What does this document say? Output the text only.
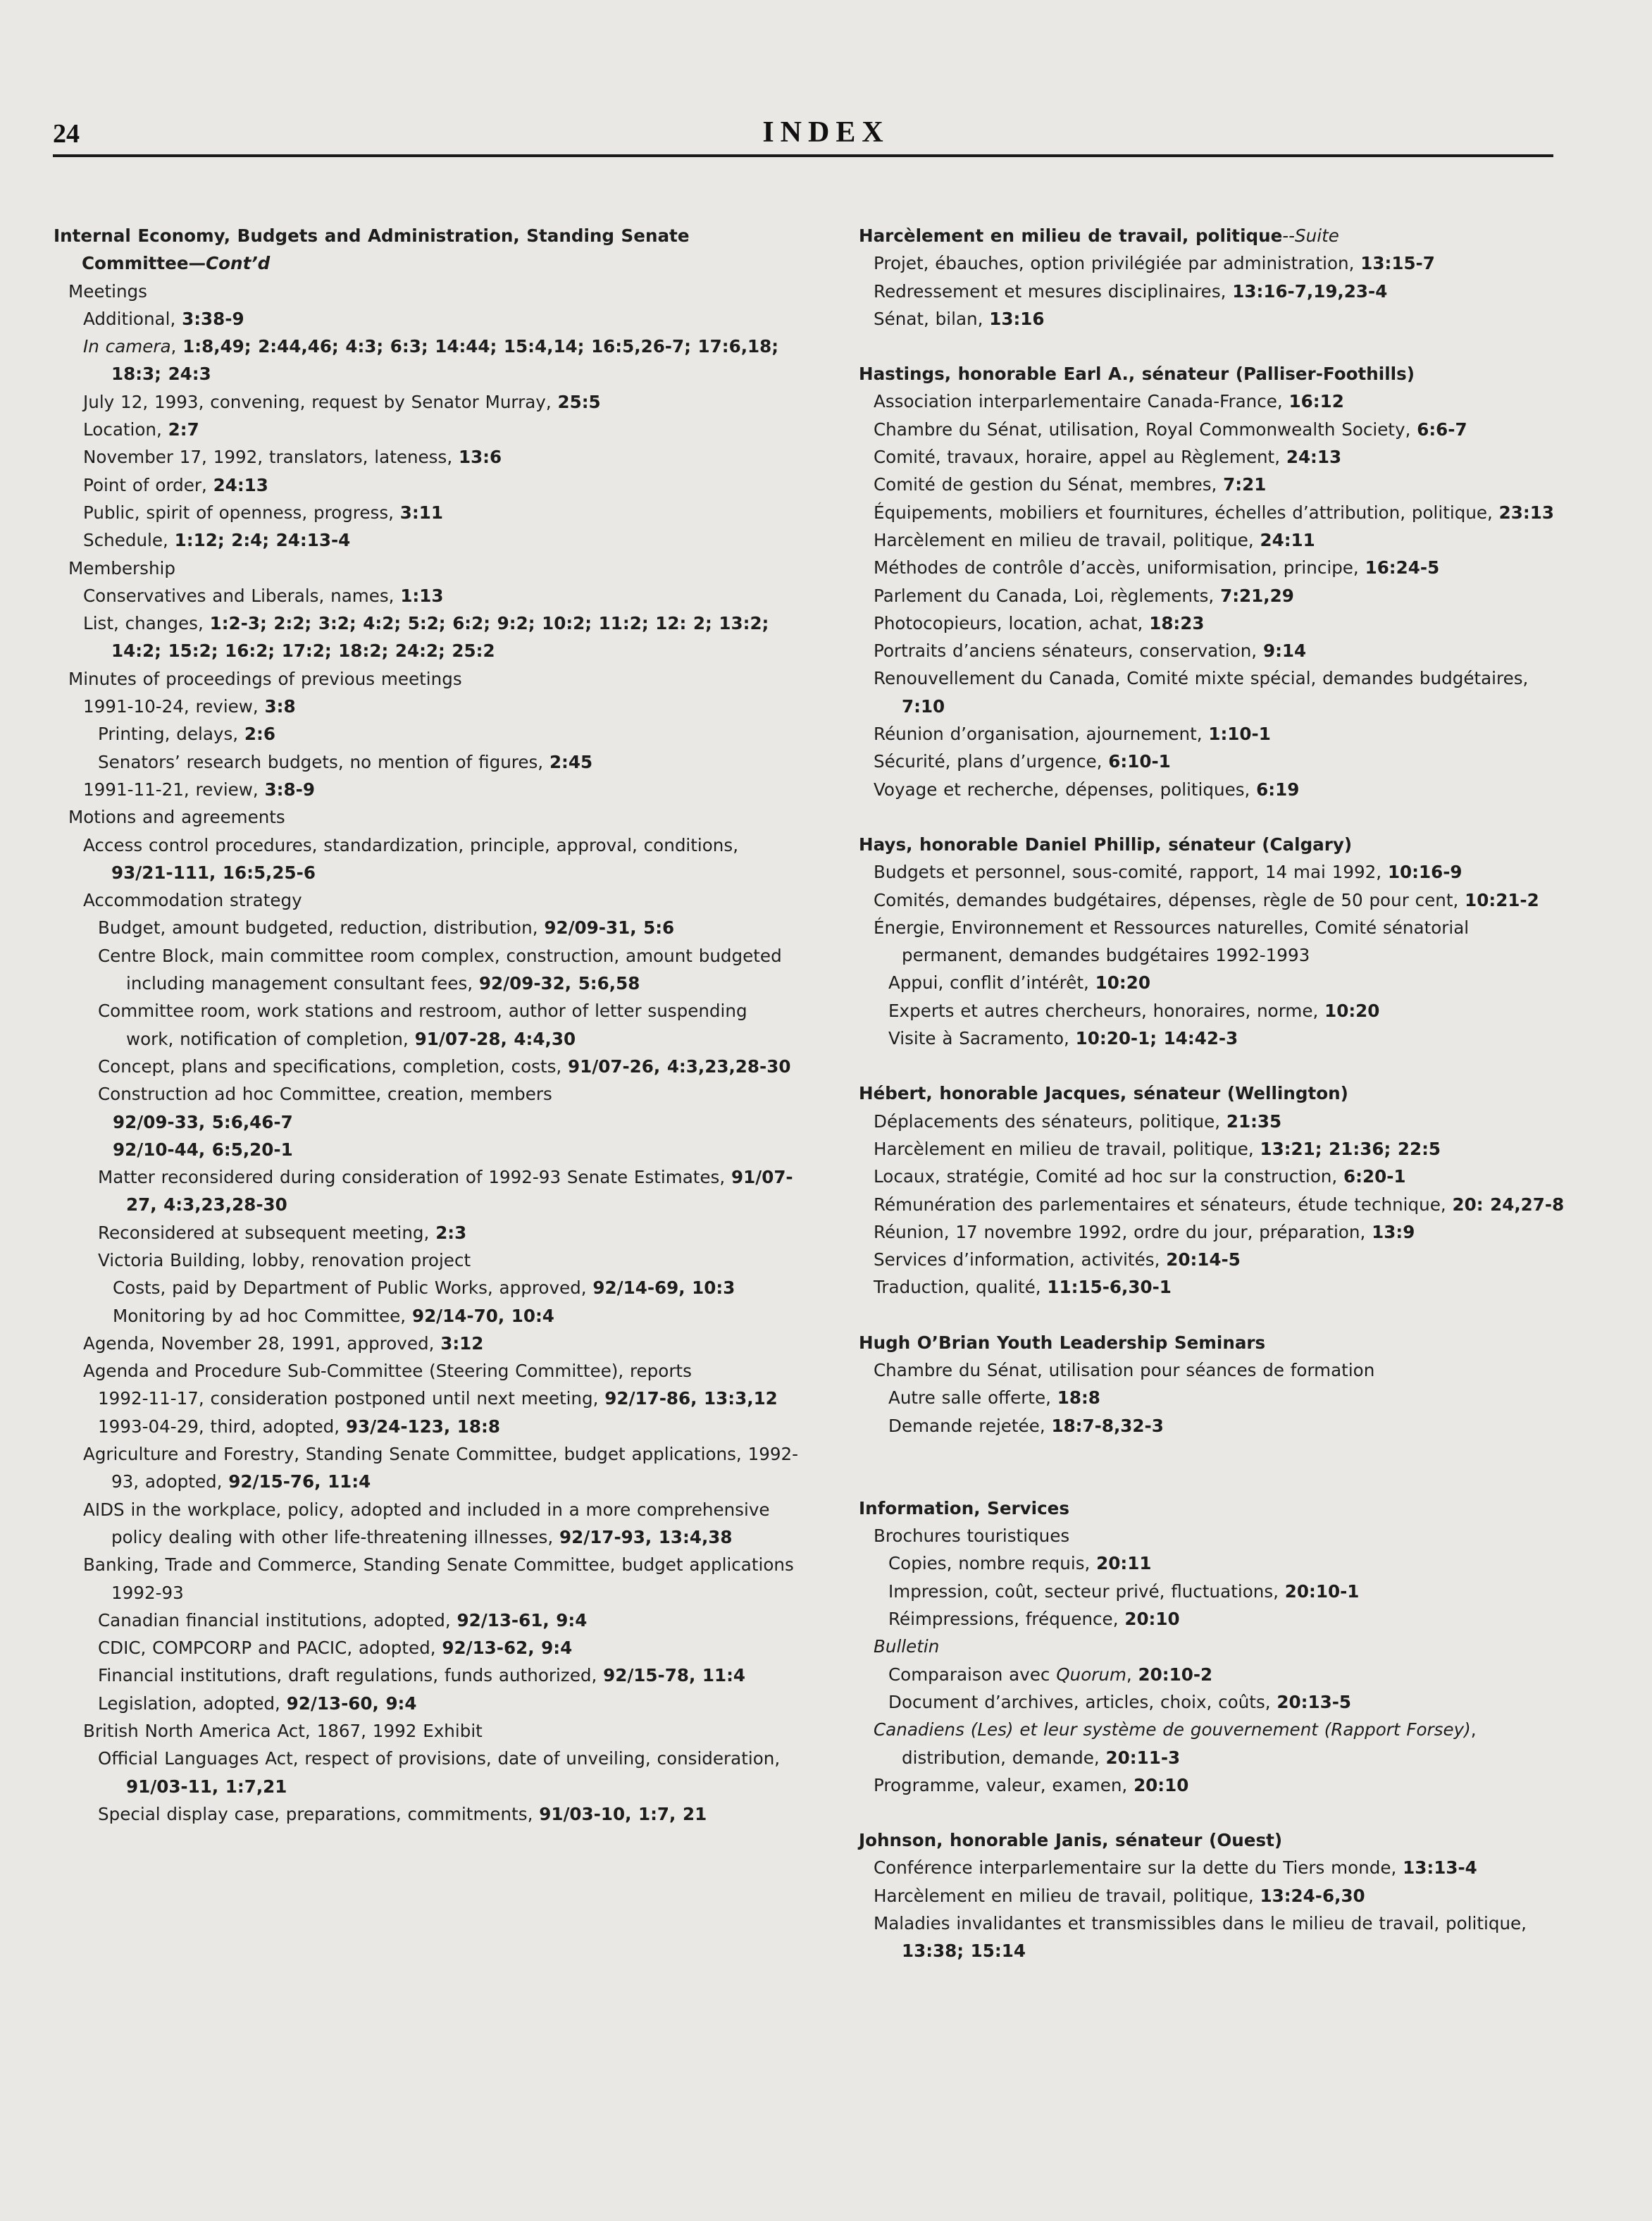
24	INDEX
Internal Economy, Budgets and Administration, Standing Senate Committee—Cont’d
Meetings
Additional, 3:38-9
In camera, 1:8,49; 2:44,46; 4:3; 6:3; 14:44; 15:4,14; 16:5,26-7; 17:6,18; 18:3; 24:3
July 12, 1993, convening, request by Senator Murray, 25:5
Location, 2:7
November 17, 1992, translators, lateness, 13:6
Point of order, 24:13
Public, spirit of openness, progress, 3:11
Schedule, 1:12; 2:4; 24:13-4
Membership
Conservatives and Liberals, names, 1:13
List, changes, 1:2-3; 2:2; 3:2; 4:2; 5:2; 6:2; 9:2; 10:2; 11:2; 12: 2; 13:2; 14:2; 15:2; 16:2; 17:2; 18:2; 24:2; 25:2
Minutes of proceedings of previous meetings
1991-10-24, review, 3:8
Printing, delays, 2:6
Senators’ research budgets, no mention of figures, 2:45
1991-11-21, review, 3:8-9
Motions and agreements
Access control procedures, standardization, principle, approval, conditions, 93/21-111, 16:5,25-6
Accommodation strategy
Budget, amount budgeted, reduction, distribution, 92/09-31, 5:6
Centre Block, main committee room complex, construction, amount budgeted including management consultant fees, 92/09-32, 5:6,58
Committee room, work stations and restroom, author of letter suspending work, notification of completion, 91/07-28, 4:4,30
Concept, plans and specifications, completion, costs, 91/07-26, 4:3,23,28-30
Construction ad hoc Committee, creation, members
92/09-33, 5:6,46-7
92/10-44, 6:5,20-1
Matter reconsidered during consideration of 1992-93 Senate Estimates, 91/07-27, 4:3,23,28-30
Reconsidered at subsequent meeting, 2:3
Victoria Building, lobby, renovation project
Costs, paid by Department of Public Works, approved, 92/14-69, 10:3
Monitoring by ad hoc Committee, 92/14-70, 10:4
Agenda, November 28, 1991, approved, 3:12
Agenda and Procedure Sub-Committee (Steering Committee), reports
1992-11-17, consideration postponed until next meeting, 92/17-86, 13:3,12
1993-04-29, third, adopted, 93/24-123, 18:8
Agriculture and Forestry, Standing Senate Committee, budget applications, 1992-93, adopted, 92/15-76, 11:4
AIDS in the workplace, policy, adopted and included in a more comprehensive policy dealing with other life-threatening illnesses, 92/17-93, 13:4,38
Banking, Trade and Commerce, Standing Senate Committee, budget applications 1992-93
Canadian financial institutions, adopted, 92/13-61, 9:4
CDIC, COMPCORP and PACIC, adopted, 92/13-62, 9:4
Financial institutions, draft regulations, funds authorized, 92/15-78, 11:4
Legislation, adopted, 92/13-60, 9:4
British North America Act, 1867, 1992 Exhibit
Official Languages Act, respect of provisions, date of unveiling, consideration, 91/03-11, 1:7,21
Special display case, preparations, commitments, 91/03-10, 1:7, 21
Harcèlement en milieu de travail, politique--Suite
Projet, ébauches, option privilégiée par administration, 13:15-7
Redressement et mesures disciplinaires, 13:16-7,19,23-4
Sénat, bilan, 13:16
Hastings, honorable Earl A., sénateur (Palliser-Foothills)
Association interparlementaire Canada-France, 16:12
Chambre du Sénat, utilisation, Royal Commonwealth Society, 6:6-7
Comité, travaux, horaire, appel au Règlement, 24:13
Comité de gestion du Sénat, membres, 7:21
Équipements, mobiliers et fournitures, échelles d’attribution, politique, 23:13
Harcèlement en milieu de travail, politique, 24:11
Méthodes de contrôle d’accès, uniformisation, principe, 16:24-5
Parlement du Canada, Loi, règlements, 7:21,29
Photocopieurs, location, achat, 18:23
Portraits d’anciens sénateurs, conservation, 9:14
Renouvellement du Canada, Comité mixte spécial, demandes budgétaires, 7:10
Réunion d’organisation, ajournement, 1:10-1
Sécurité, plans d’urgence, 6:10-1
Voyage et recherche, dépenses, politiques, 6:19
Hays, honorable Daniel Phillip, sénateur (Calgary)
Budgets et personnel, sous-comité, rapport, 14 mai 1992, 10:16-9
Comités, demandes budgétaires, dépenses, règle de 50 pour cent, 10:21-2
Énergie, Environnement et Ressources naturelles, Comité sénatorial permanent, demandes budgétaires 1992-1993
Appui, conflit d’intérêt, 10:20
Experts et autres chercheurs, honoraires, norme, 10:20
Visite à Sacramento, 10:20-1; 14:42-3
Hébert, honorable Jacques, sénateur (Wellington)
Déplacements des sénateurs, politique, 21:35
Harcèlement en milieu de travail, politique, 13:21; 21:36; 22:5
Locaux, stratégie, Comité ad hoc sur la construction, 6:20-1
Rémunération des parlementaires et sénateurs, étude technique, 20: 24,27-8
Réunion, 17 novembre 1992, ordre du jour, préparation, 13:9
Services d’information, activités, 20:14-5
Traduction, qualité, 11:15-6,30-1
Hugh O’Brian Youth Leadership Seminars
Chambre du Sénat, utilisation pour séances de formation
Autre salle offerte, 18:8
Demande rejetée, 18:7-8,32-3
Information, Services
Brochures touristiques
Copies, nombre requis, 20:11
Impression, coût, secteur privé, fluctuations, 20:10-1
Réimpressions, fréquence, 20:10
Bulletin
Comparaison avec Quorum, 20:10-2
Document d’archives, articles, choix, coûts, 20:13-5
Canadiens (Les) et leur système de gouvernement (Rapport Forsey), distribution, demande, 20:11-3
Programme, valeur, examen, 20:10
Johnson, honorable Janis, sénateur (Ouest)
Conférence interparlementaire sur la dette du Tiers monde, 13:13-4
Harcèlement en milieu de travail, politique, 13:24-6,30
Maladies invalidantes et transmissibles dans le milieu de travail, politique, 13:38; 15:14
